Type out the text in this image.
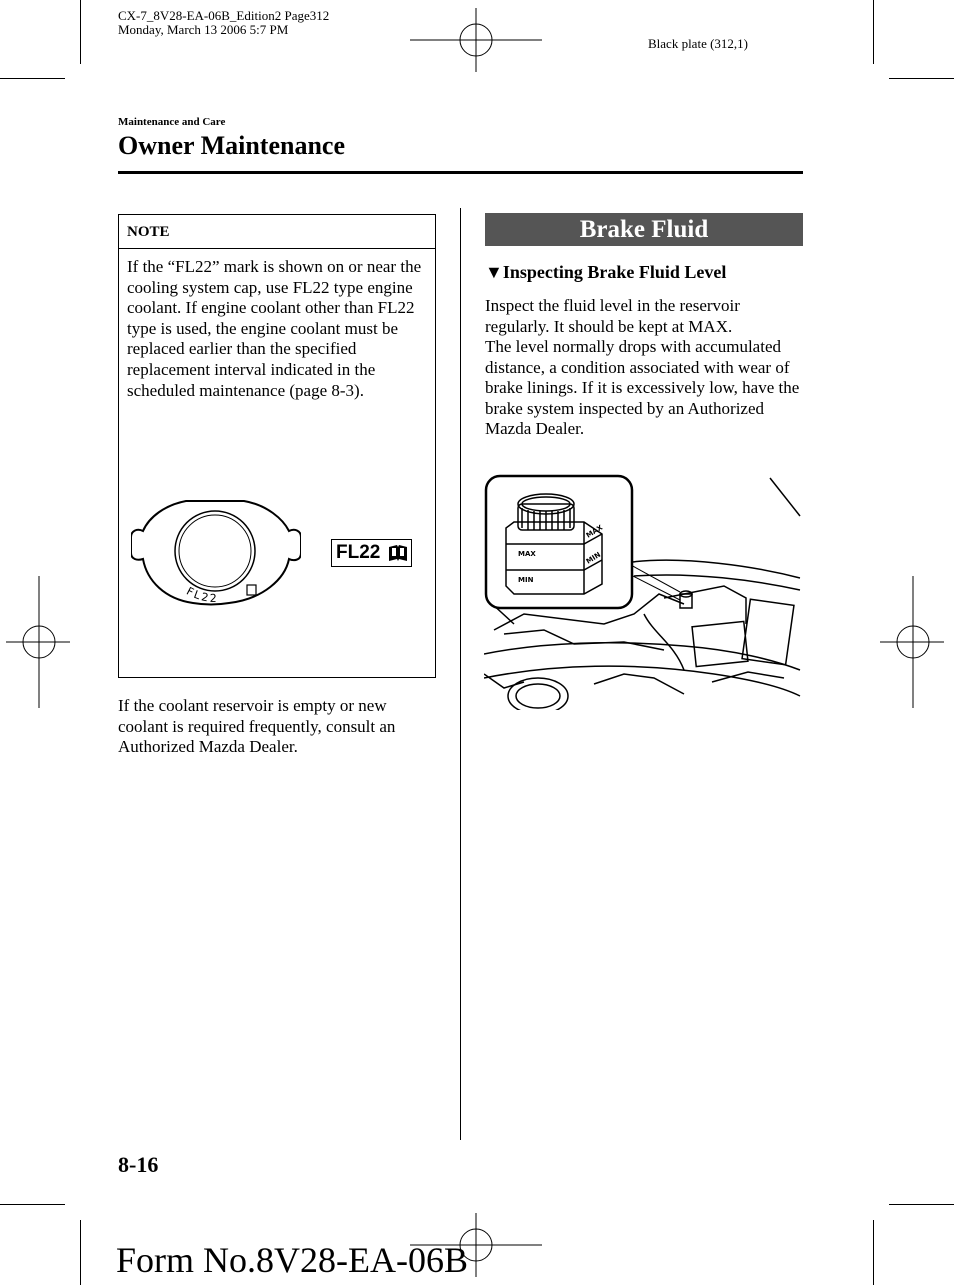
CX-7_8V28-EA-06B_Edition2 Page312
Monday, March 13 2006 5:7 PM
Black plate (312,1)
Maintenance and Care
Owner Maintenance
NOTE
If the “FL22” mark is shown on or near the cooling system cap, use FL22 type engine coolant. If engine coolant other than FL22 type is used, the engine coolant must be replaced earlier than the specified replacement interval indicated in the scheduled maintenance (page 8-3).
FL22
FL22
If the coolant reservoir is empty or new coolant is required frequently, consult an Authorized Mazda Dealer.
Brake Fluid
▼Inspecting Brake Fluid Level
Inspect the fluid level in the reservoir regularly. It should be kept at MAX.
The level normally drops with accumulated distance, a condition associated with wear of brake linings. If it is excessively low, have the brake system inspected by an Authorized Mazda Dealer.
MAX
MIN
MAX
MIN
8-16
Form No.8V28-EA-06B
